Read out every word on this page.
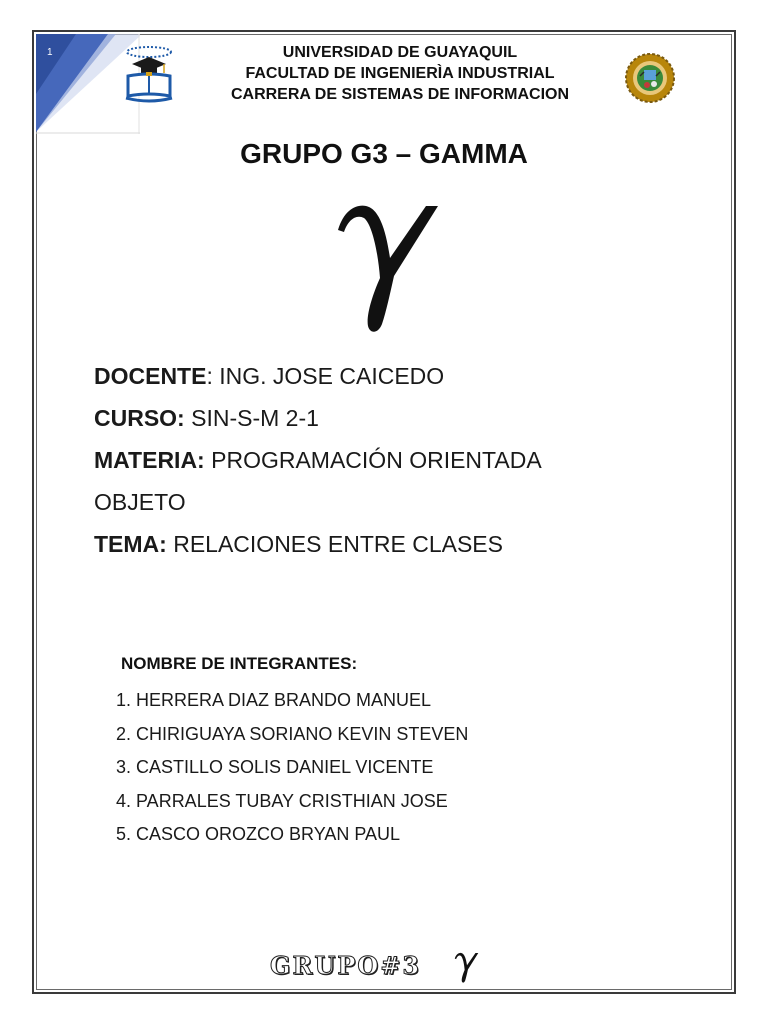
1	UNIVERSIDAD DE GUAYAQUIL
FACULTAD DE INGENIERÌA INDUSTRIAL
CARRERA DE SISTEMAS DE INFORMACION
GRUPO G3 – GAMMA
DOCENTE: ING. JOSE CAICEDO
CURSO: SIN-S-M 2-1
MATERIA: PROGRAMACIÓN ORIENTADA
OBJETO
TEMA: RELACIONES ENTRE CLASES
NOMBRE DE INTEGRANTES:
1. HERRERA DIAZ BRANDO MANUEL
2. CHIRIGUAYA SORIANO KEVIN STEVEN
3. CASTILLO SOLIS DANIEL VICENTE
4. PARRALES TUBAY CRISTHIAN JOSE
5. CASCO OROZCO BRYAN PAUL
GRUPO#3
